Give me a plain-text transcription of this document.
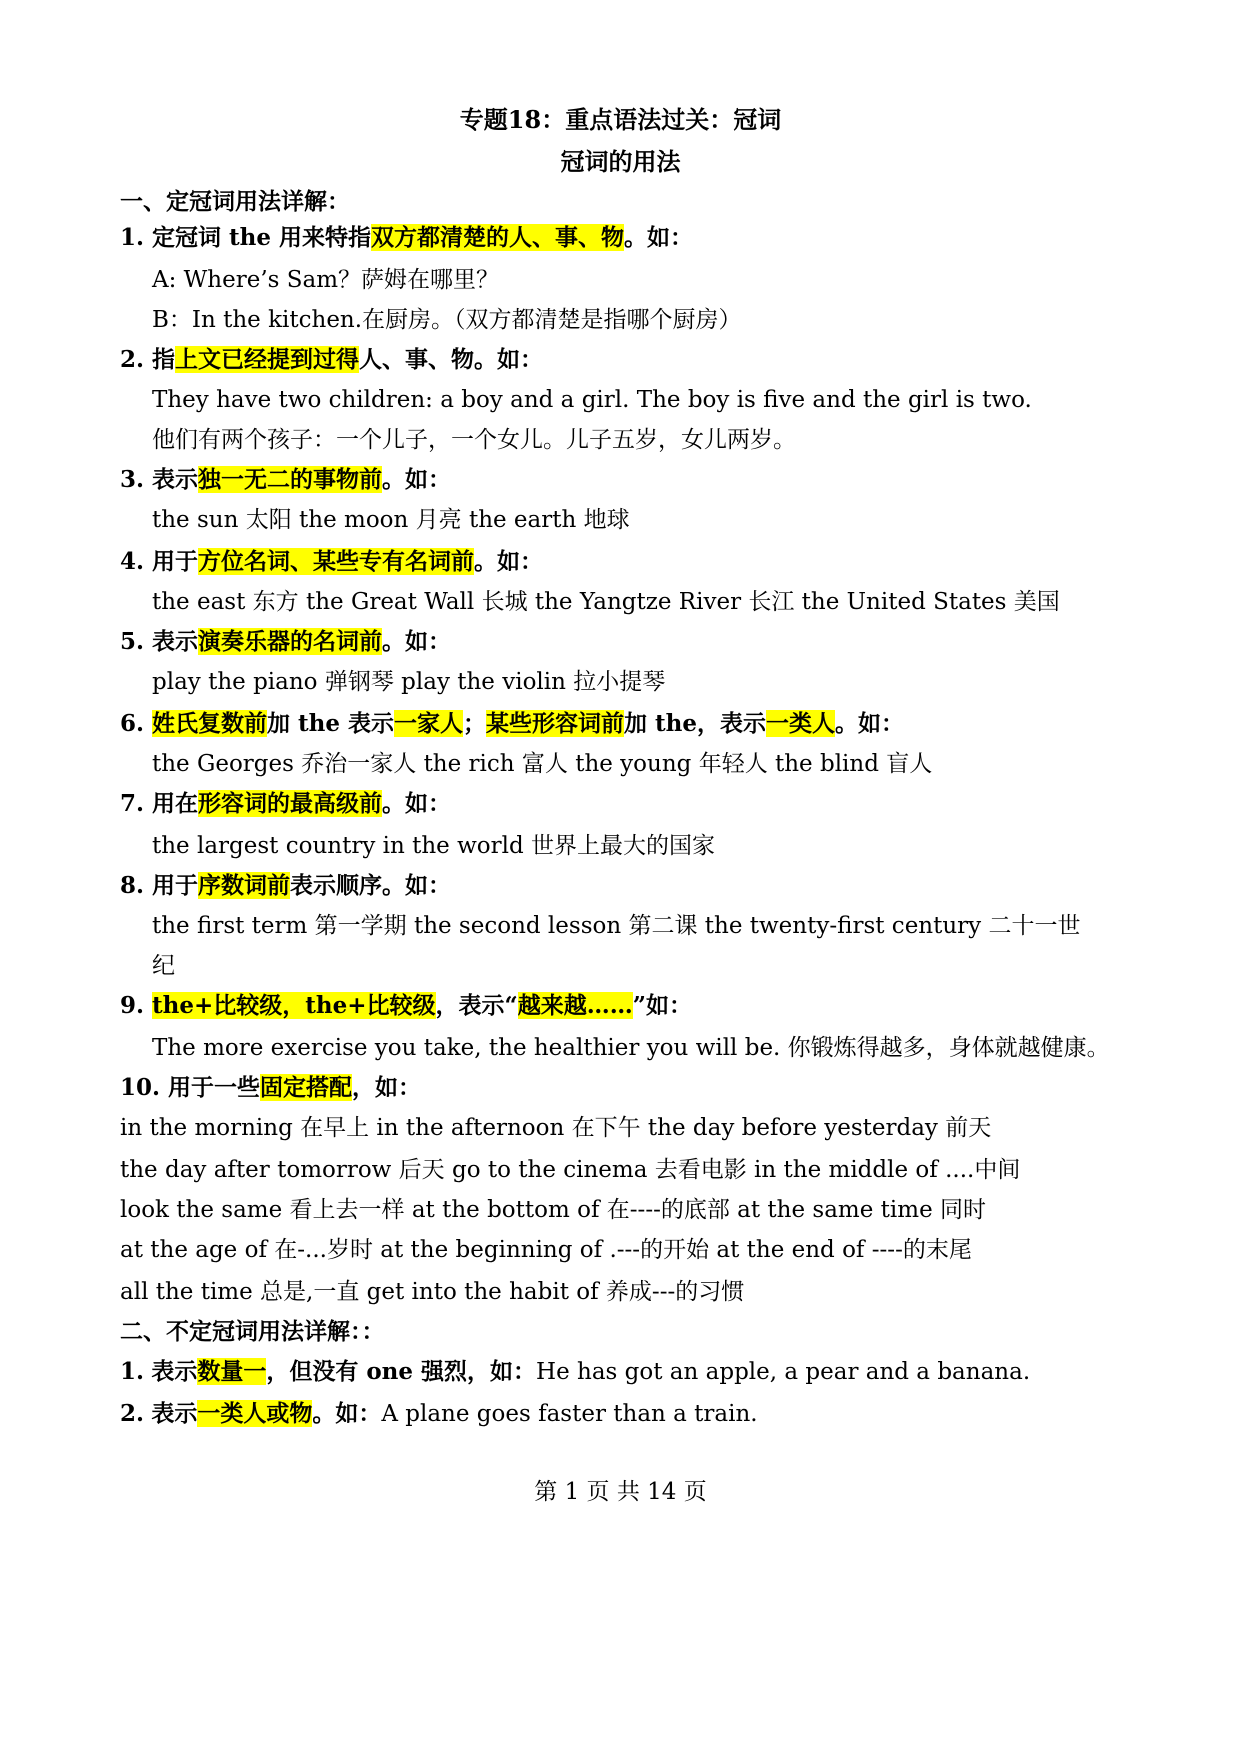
专题18：重点语法过关：冠词
冠词的用法
一、定冠词用法详解：
1. 定冠词 the 用来特指双方都清楚的人、事、物。如：
A: Where’s Sam？萨姆在哪里？
B：In the kitchen.在厨房。（双方都清楚是指哪个厨房）
2. 指上文已经提到过得人、事、物。如：
They have two children: a boy and a girl. The boy is five and the girl is two.
他们有两个孩子：一个儿子，一个女儿。儿子五岁，女儿两岁。
3. 表示独一无二的事物前。如：
the sun 太阳 the moon 月亮 the earth 地球
4. 用于方位名词、某些专有名词前。如：
the east 东方 the Great Wall 长城 the Yangtze River 长江 the United States 美国
5. 表示演奏乐器的名词前。如：
play the piano 弹钢琴 play the violin 拉小提琴
6. 姓氏复数前加 the 表示一家人；某些形容词前加 the，表示一类人。如：
the Georges 乔治一家人 the rich 富人 the young 年轻人 the blind 盲人
7. 用在形容词的最高级前。如：
the largest country in the world 世界上最大的国家
8. 用于序数词前表示顺序。如：
the first term 第一学期 the second lesson 第二课 the twenty-first century 二十一世
纪
9. the+比较级，the+比较级，表示“越来越……”如：
The more exercise you take, the healthier you will be. 你锻炼得越多，身体就越健康。
10. 用于一些固定搭配，如：
in the morning 在早上 in the afternoon 在下午 the day before yesterday 前天
the day after tomorrow 后天 go to the cinema 去看电影 in the middle of ....中间
look the same 看上去一样 at the bottom of 在----的底部 at the same time 同时
at the age of 在-...岁时 at the beginning of .---的开始 at the end of ----的末尾
all the time 总是,一直 get into the habit of 养成---的习惯
二、不定冠词用法详解：：
1. 表示数量一，但没有 one 强烈，如：He has got an apple, a pear and a banana.
2. 表示一类人或物。如：A plane goes faster than a train.
第 1 页 共 14 页
